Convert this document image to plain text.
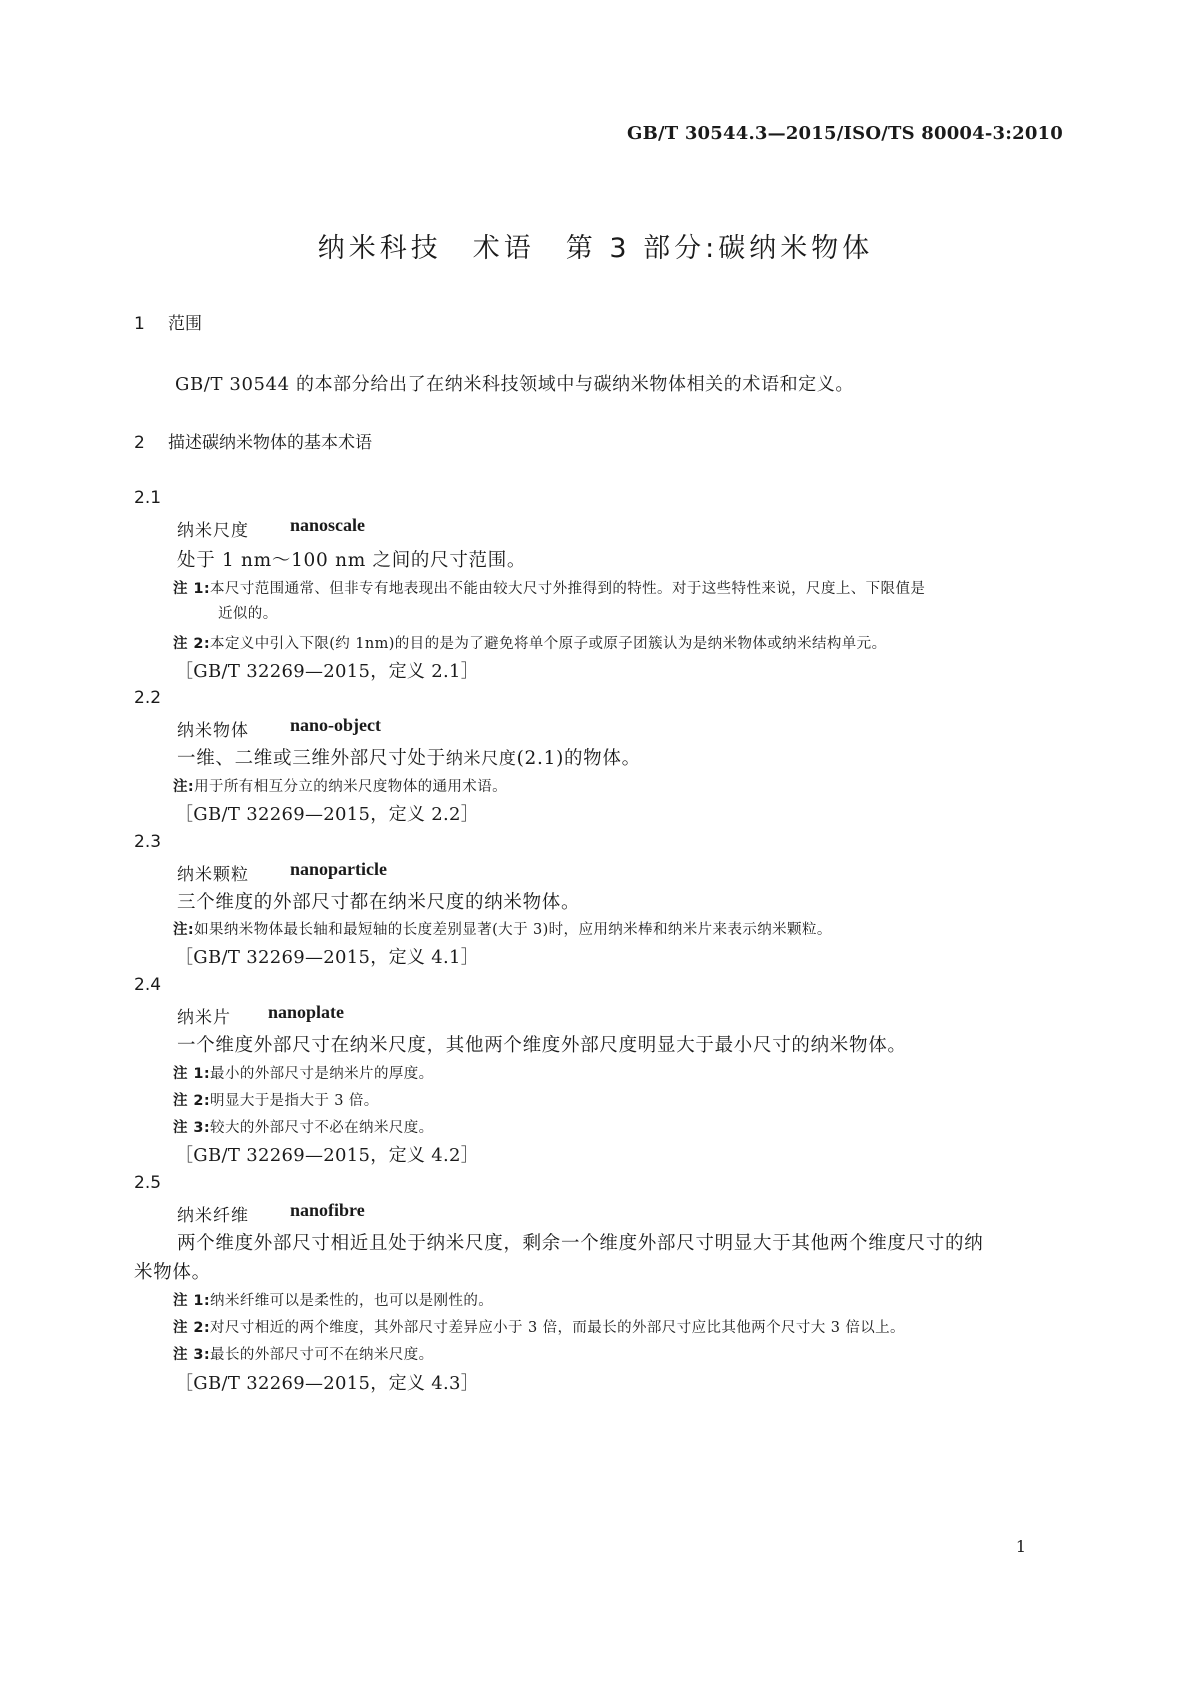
GB/T 30544.3—2015/ISO/TS 80004-3:2010
纳米科技　术语　第 3 部分:碳纳米物体
1 范围
GB/T 30544 的本部分给出了在纳米科技领域中与碳纳米物体相关的术语和定义。
2 描述碳纳米物体的基本术语
2.1
纳米尺度 nanoscale
处于 1 nm～100 nm 之间的尺寸范围。
注 1:本尺寸范围通常、但非专有地表现出不能由较大尺寸外推得到的特性。对于这些特性来说，尺度上、下限值是
近似的。
注 2:本定义中引入下限(约 1nm)的目的是为了避免将单个原子或原子团簇认为是纳米物体或纳米结构单元。
［GB/T 32269—2015，定义 2.1］
2.2
纳米物体 nano-object
一维、二维或三维外部尺寸处于纳米尺度(2.1)的物体。
注:用于所有相互分立的纳米尺度物体的通用术语。
［GB/T 32269—2015，定义 2.2］
2.3
纳米颗粒 nanoparticle
三个维度的外部尺寸都在纳米尺度的纳米物体。
注:如果纳米物体最长轴和最短轴的长度差别显著(大于 3)时，应用纳米棒和纳米片来表示纳米颗粒。
［GB/T 32269—2015，定义 4.1］
2.4
纳米片 nanoplate
一个维度外部尺寸在纳米尺度，其他两个维度外部尺度明显大于最小尺寸的纳米物体。
注 1:最小的外部尺寸是纳米片的厚度。
注 2:明显大于是指大于 3 倍。
注 3:较大的外部尺寸不必在纳米尺度。
［GB/T 32269—2015，定义 4.2］
2.5
纳米纤维 nanofibre
两个维度外部尺寸相近且处于纳米尺度，剩余一个维度外部尺寸明显大于其他两个维度尺寸的纳
米物体。
注 1:纳米纤维可以是柔性的，也可以是刚性的。
注 2:对尺寸相近的两个维度，其外部尺寸差异应小于 3 倍，而最长的外部尺寸应比其他两个尺寸大 3 倍以上。
注 3:最长的外部尺寸可不在纳米尺度。
［GB/T 32269—2015，定义 4.3］
1
